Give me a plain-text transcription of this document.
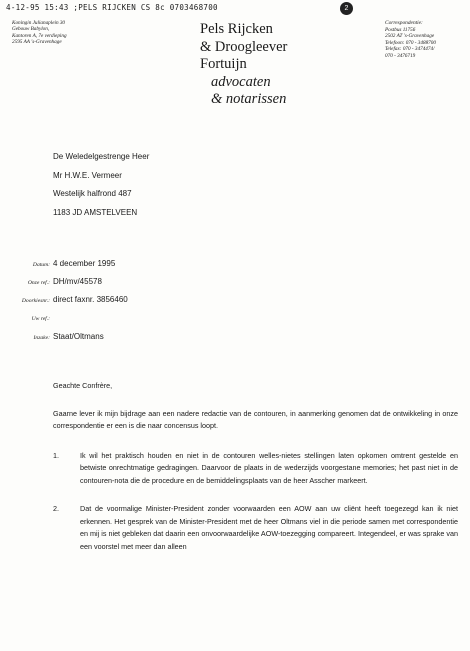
4-12-95 15:43 ;PELS RIJCKEN CS 8c 0703468700	2
Koningin Julianaplein 30
Gebouw Babylon,
Kantoren A, 7e verdieping
2595 AA 's-Gravenhage
Pels Rijcken
& Droogleever
Fortuijn
advocaten
& notarissen
Correspondentie:
Postbus 11756
2502 AT 's-Gravenhage
Telefoon: 070 - 3488700
Telefax: 070 - 3474474/
070 - 3476719
De Weledelgestrenge Heer
Mr H.W.E. Vermeer
Westelijk halfrond 487
1183 JD AMSTELVEEN
Datum: 4 december 1995
Onze ref.: DH/mv/45578
Doorkiesnr.: direct faxnr. 3856460
Uw ref.:
Inzake: Staat/Oltmans

Geachte Confrère,

Gaarne lever ik mijn bijdrage aan een nadere redactie van de contouren, in aanmerking genomen dat de ontwikkeling in onze correspondentie er een is die naar concensus loopt.

1.	Ik wil het praktisch houden en niet in de contouren welles-nietes stellingen laten opkomen omtrent gestelde en betwiste onrechtmatige gedragingen. Daarvoor de plaats in de wederzijds voorgestane memories; het past niet in de contouren-nota die de procedure en de bemiddelingsplaats van de heer Asscher markeert.
2.	Dat de voormalige Minister-President zonder voorwaarden een AOW aan uw cliënt heeft toegezegd kan ik niet erkennen. Het gesprek van de Minister-President met de heer Oltmans viel in die periode samen met correspondentie en mij is niet gebleken dat daarin een onvoorwaardelijke AOW-toezegging compareert. Integendeel, er was sprake van een voorstel met meer dan alleen
